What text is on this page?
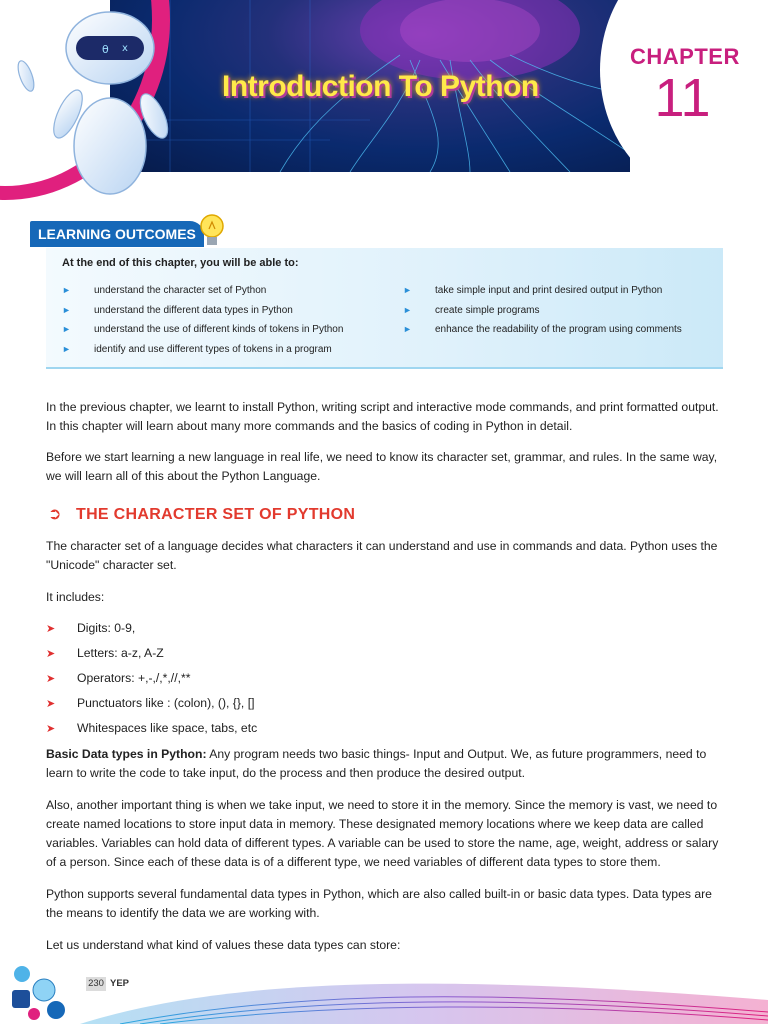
CHAPTER
11
Introduction To Python
θ x
LEARNING OUTCOMES
At the end of this chapter, you will be able to:
► understand the character set of Python
► understand the different data types in Python
► understand the use of different kinds of tokens in Python
► identify and use different types of tokens in a program
► take simple input and print desired output in Python
► create simple programs
► enhance the readability of the program using comments

In the previous chapter, we learnt to install Python, writing script and interactive mode commands, and print formatted output. In this chapter will learn about many more commands and the basics of coding in Python in detail.

Before we start learning a new language in real life, we need to know its character set, grammar, and rules. In the same way, we will learn all of this about the Python Language.

➲ THE CHARACTER SET OF PYTHON

The character set of a language decides what characters it can understand and use in commands and data. Python uses the "Unicode" character set.

It includes:

➤ Digits: 0-9,
➤ Letters: a-z, A-Z
➤ Operators: +,-,/,*,//,**
➤ Punctuators like : (colon), (), {}, []
➤ Whitespaces like space, tabs, etc

Basic Data types in Python: Any program needs two basic things- Input and Output. We, as future programmers, need to learn to write the code to take input, do the process and then produce the desired output.

Also, another important thing is when we take input, we need to store it in the memory. Since the memory is vast, we need to create named locations to store input data in memory. These designated memory locations where we keep data are called variables. Variables can hold data of different types. A variable can be used to store the name, age, weight, address or salary of a person. Since each of these data is of a different type, we need variables of different data types to store them.

Python supports several fundamental data types in Python, which are also called built-in or basic data types. Data types are the means to identify the data we are working with.

Let us understand what kind of values these data types can store:

230 YEP
